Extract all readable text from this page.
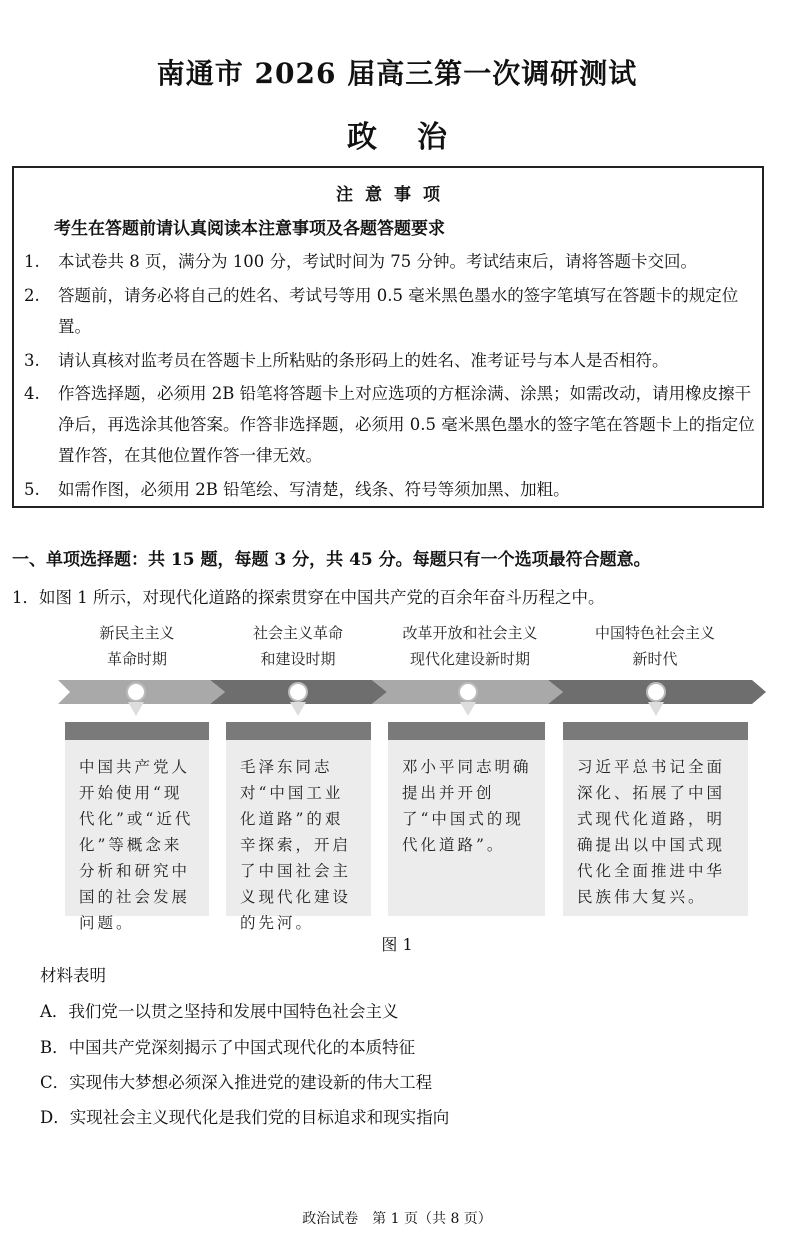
南通市 2026 届高三第一次调研测试
政治
注意事项
考生在答题前请认真阅读本注意事项及各题答题要求
1.	本试卷共 8 页，满分为 100 分，考试时间为 75 分钟。考试结束后，请将答题卡交回。
2.	答题前，请务必将自己的姓名、考试号等用 0.5 毫米黑色墨水的签字笔填写在答题卡的规定位置。
3.	请认真核对监考员在答题卡上所粘贴的条形码上的姓名、准考证号与本人是否相符。
4.	作答选择题，必须用 2B 铅笔将答题卡上对应选项的方框涂满、涂黑；如需改动，请用橡皮擦干净后，再选涂其他答案。作答非选择题，必须用 0.5 毫米黑色墨水的签字笔在答题卡上的指定位置作答，在其他位置作答一律无效。
5.	如需作图，必须用 2B 铅笔绘、写清楚，线条、符号等须加黑、加粗。
一、单项选择题：共 15 题，每题 3 分，共 45 分。每题只有一个选项最符合题意。
1．如图 1 所示，对现代化道路的探索贯穿在中国共产党的百余年奋斗历程之中。
新民主主义
革命时期
社会主义革命
和建设时期
改革开放和社会主义
现代化建设新时期
中国特色社会主义
新时代
中国共产党人开始使用“现代化”或“近代化”等概念来分析和研究中国的社会发展问题。
毛泽东同志对“中国工业化道路”的艰辛探索，开启了中国社会主义现代化建设的先河。
邓小平同志明确提出并开创了“中国式的现代化道路”。
习近平总书记全面深化、拓展了中国式现代化道路，明确提出以中国式现代化全面推进中华民族伟大复兴。
图 1
材料表明
A．我们党一以贯之坚持和发展中国特色社会主义
B．中国共产党深刻揭示了中国式现代化的本质特征
C．实现伟大梦想必须深入推进党的建设新的伟大工程
D．实现社会主义现代化是我们党的目标追求和现实指向
政治试卷　第 1 页（共 8 页）
